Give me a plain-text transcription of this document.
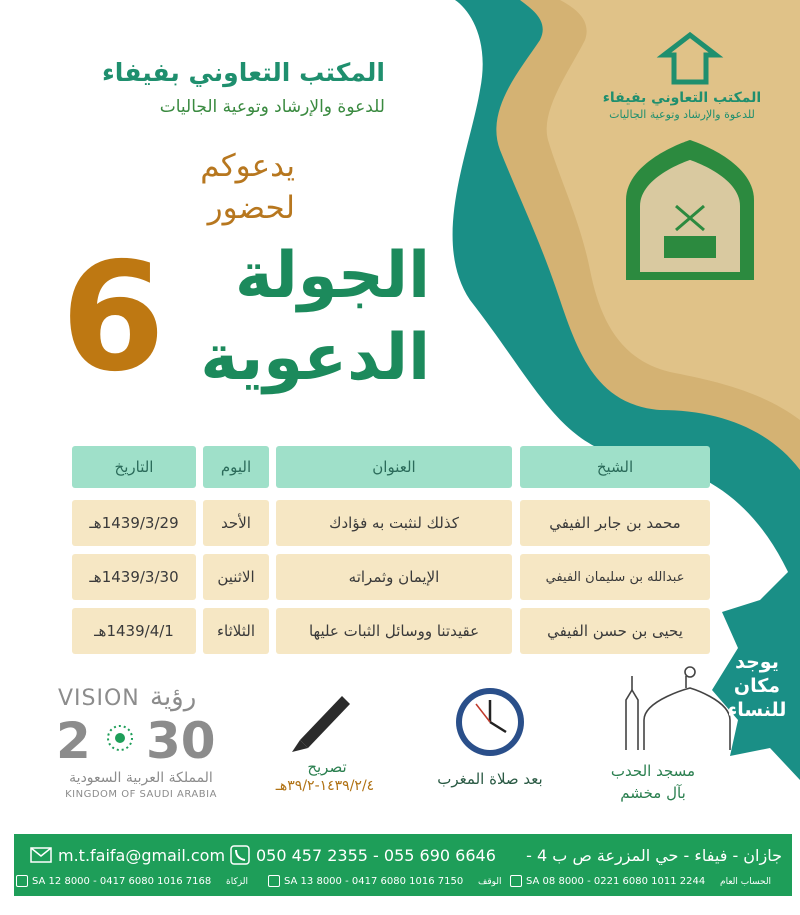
المكتب التعاوني بفيفاء
للدعوة والإرشاد وتوعية الجاليات
المكتب التعاوني بفيفاء
للدعوة والإرشاد وتوعية الجاليات
يدعوكم
لحضور
الجولة
الدعوية
6
الشيخ
العنوان
اليوم
التاريخ
محمد بن جابر الفيفي
كذلك لنثبت به فؤادك
الأحد
1439/3/29هـ
عبدالله بن سليمان الفيفي
الإيمان وثمراته
الاثنين
1439/3/30هـ
يحيى بن حسن الفيفي
عقيدتنا ووسائل الثبات عليها
الثلاثاء
1439/4/1هـ
يوجد
مكان
للنساء
مسجد الحدب
بآل مخشم
بعد صلاة المغرب
تصريح
١٤٣٩/٢/٤-٣٩/٢هـ
VISION رؤية
2 30
المملكة العربية السعودية
KINGDOM OF SAUDI ARABIA
m.t.faifa@gmail.com 050 457 2355 - 055 690 6646 جازان - فيفاء - حي المزرعة ص ب 4 -
SA 12 8000 - 0417 6080 1016 7168 الزكاة	SA 13 8000 - 0417 6080 1016 7150 الوقف SA 08 8000 - 0221 6080 1011 2244 الحساب العام
